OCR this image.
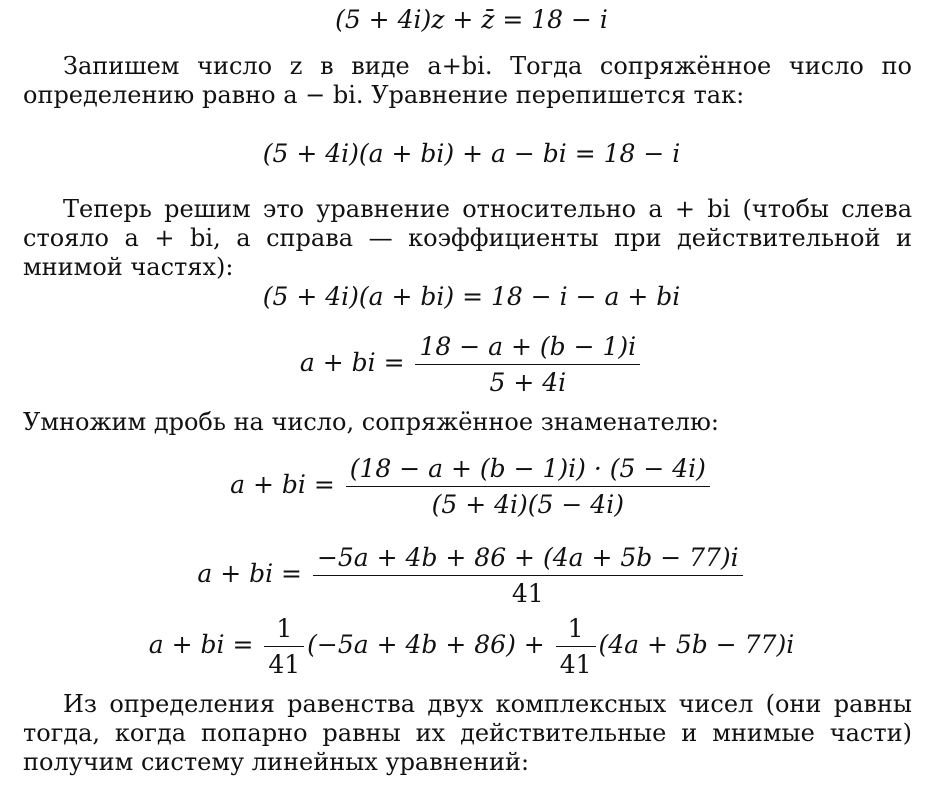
(5 + 4i)z + z̄ = 18 − i
Запишем число z в виде a+bi. Тогда сопряжённое число по определению равно a − bi. Уравнение перепишется так:
(5 + 4i)(a + bi) + a − bi = 18 − i
Теперь решим это уравнение относительно a + bi (чтобы слева стояло a + bi, а справа — коэффициенты при действительной и мнимой частях):
(5 + 4i)(a + bi) = 18 − i − a + bi
a + bi = $\frac{18 - a + (b - 1)i}{5 + 4i}$
Умножим дробь на число, сопряжённое знаменателю:
a + bi = $\frac{(18 - a + (b - 1)i) \cdot (5 - 4i)}{(5 + 4i)(5 - 4i)}$
a + bi = $\frac{-5a + 4b + 86 + (4a + 5b - 77)i}{41}$
a + bi = $\frac{1}{41} (-5a + 4b + 86) + \frac{1}{41} (4a + 5b - 77)i$
Из определения равенства двух комплексных чисел (они равны тогда, когда попарно равны их действительные и мнимые части) получим систему линейных уравнений:
